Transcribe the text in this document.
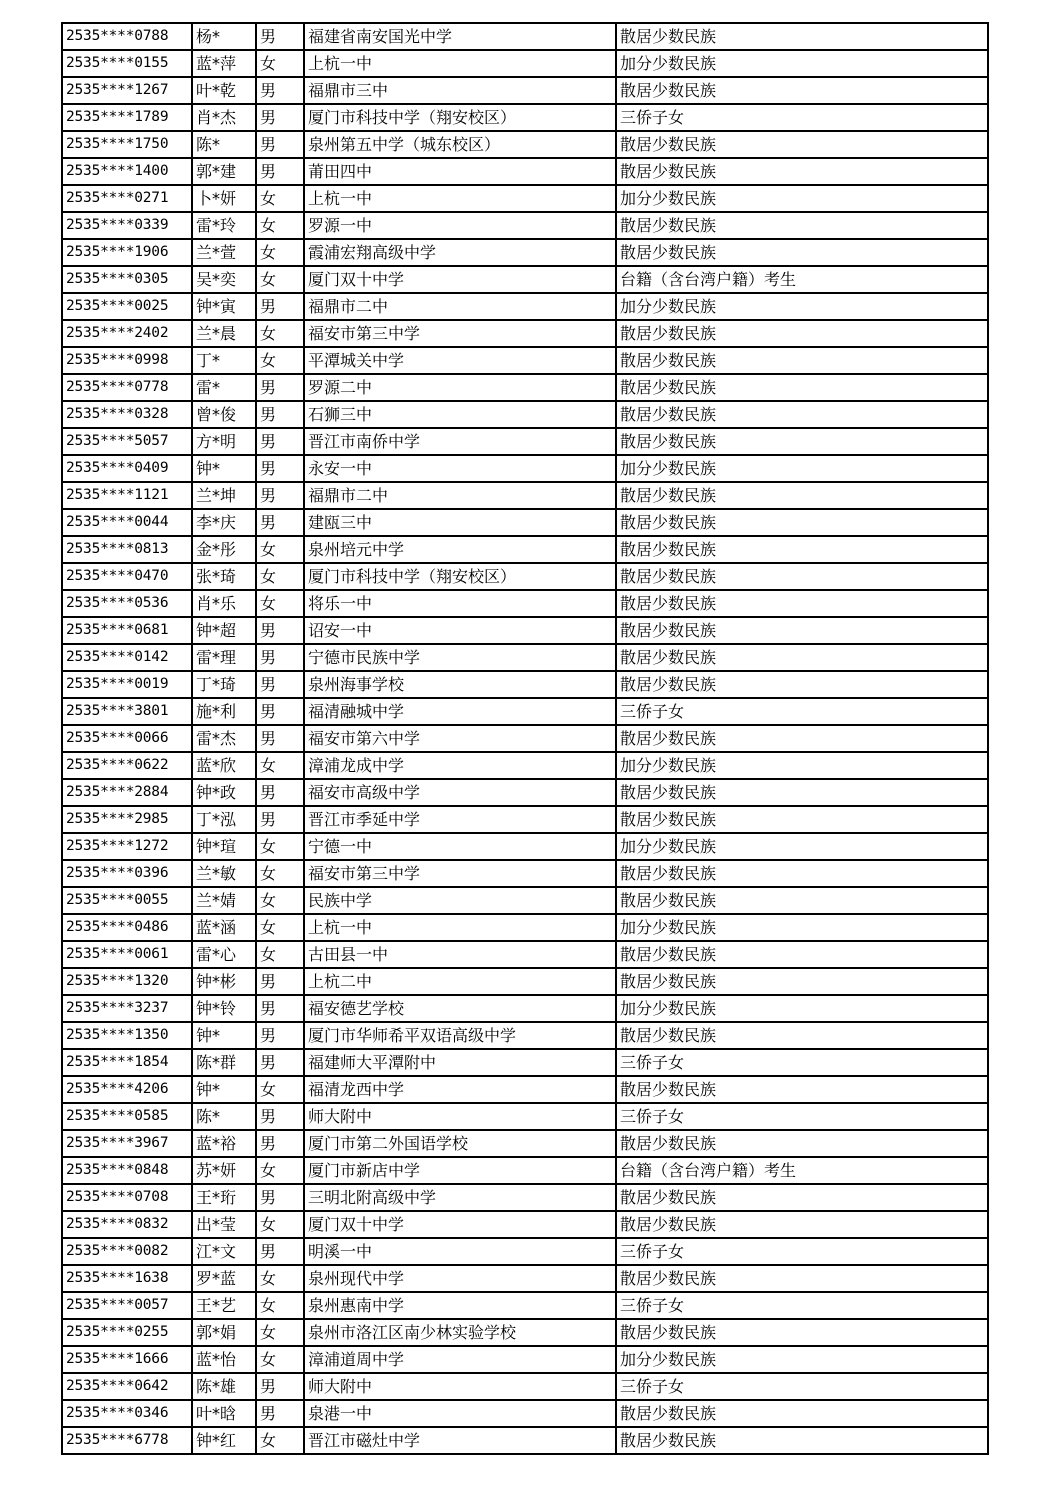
2535****0788	杨*	男	福建省南安国光中学	散居少数民族
2535****0155	蓝*萍	女	上杭一中	加分少数民族
2535****1267	叶*乾	男	福鼎市三中	散居少数民族
2535****1789	肖*杰	男	厦门市科技中学（翔安校区）	三侨子女
2535****1750	陈*	男	泉州第五中学（城东校区）	散居少数民族
2535****1400	郭*建	男	莆田四中	散居少数民族
2535****0271	卜*妍	女	上杭一中	加分少数民族
2535****0339	雷*玲	女	罗源一中	散居少数民族
2535****1906	兰*萱	女	霞浦宏翔高级中学	散居少数民族
2535****0305	吴*奕	女	厦门双十中学	台籍（含台湾户籍）考生
2535****0025	钟*寅	男	福鼎市二中	加分少数民族
2535****2402	兰*晨	女	福安市第三中学	散居少数民族
2535****0998	丁*	女	平潭城关中学	散居少数民族
2535****0778	雷*	男	罗源二中	散居少数民族
2535****0328	曾*俊	男	石狮三中	散居少数民族
2535****5057	方*明	男	晋江市南侨中学	散居少数民族
2535****0409	钟*	男	永安一中	加分少数民族
2535****1121	兰*坤	男	福鼎市二中	散居少数民族
2535****0044	李*庆	男	建瓯三中	散居少数民族
2535****0813	金*彤	女	泉州培元中学	散居少数民族
2535****0470	张*琦	女	厦门市科技中学（翔安校区）	散居少数民族
2535****0536	肖*乐	女	将乐一中	散居少数民族
2535****0681	钟*超	男	诏安一中	散居少数民族
2535****0142	雷*理	男	宁德市民族中学	散居少数民族
2535****0019	丁*琦	男	泉州海事学校	散居少数民族
2535****3801	施*利	男	福清融城中学	三侨子女
2535****0066	雷*杰	男	福安市第六中学	散居少数民族
2535****0622	蓝*欣	女	漳浦龙成中学	加分少数民族
2535****2884	钟*政	男	福安市高级中学	散居少数民族
2535****2985	丁*泓	男	晋江市季延中学	散居少数民族
2535****1272	钟*瑄	女	宁德一中	加分少数民族
2535****0396	兰*敏	女	福安市第三中学	散居少数民族
2535****0055	兰*婧	女	民族中学	散居少数民族
2535****0486	蓝*涵	女	上杭一中	加分少数民族
2535****0061	雷*心	女	古田县一中	散居少数民族
2535****1320	钟*彬	男	上杭二中	散居少数民族
2535****3237	钟*铃	男	福安德艺学校	加分少数民族
2535****1350	钟*	男	厦门市华师希平双语高级中学	散居少数民族
2535****1854	陈*群	男	福建师大平潭附中	三侨子女
2535****4206	钟*	女	福清龙西中学	散居少数民族
2535****0585	陈*	男	师大附中	三侨子女
2535****3967	蓝*裕	男	厦门市第二外国语学校	散居少数民族
2535****0848	苏*妍	女	厦门市新店中学	台籍（含台湾户籍）考生
2535****0708	王*珩	男	三明北附高级中学	散居少数民族
2535****0832	出*莹	女	厦门双十中学	散居少数民族
2535****0082	江*文	男	明溪一中	三侨子女
2535****1638	罗*蓝	女	泉州现代中学	散居少数民族
2535****0057	王*艺	女	泉州惠南中学	三侨子女
2535****0255	郭*娟	女	泉州市洛江区南少林实验学校	散居少数民族
2535****1666	蓝*怡	女	漳浦道周中学	加分少数民族
2535****0642	陈*雄	男	师大附中	三侨子女
2535****0346	叶*晗	男	泉港一中	散居少数民族
2535****6778	钟*红	女	晋江市磁灶中学	散居少数民族
